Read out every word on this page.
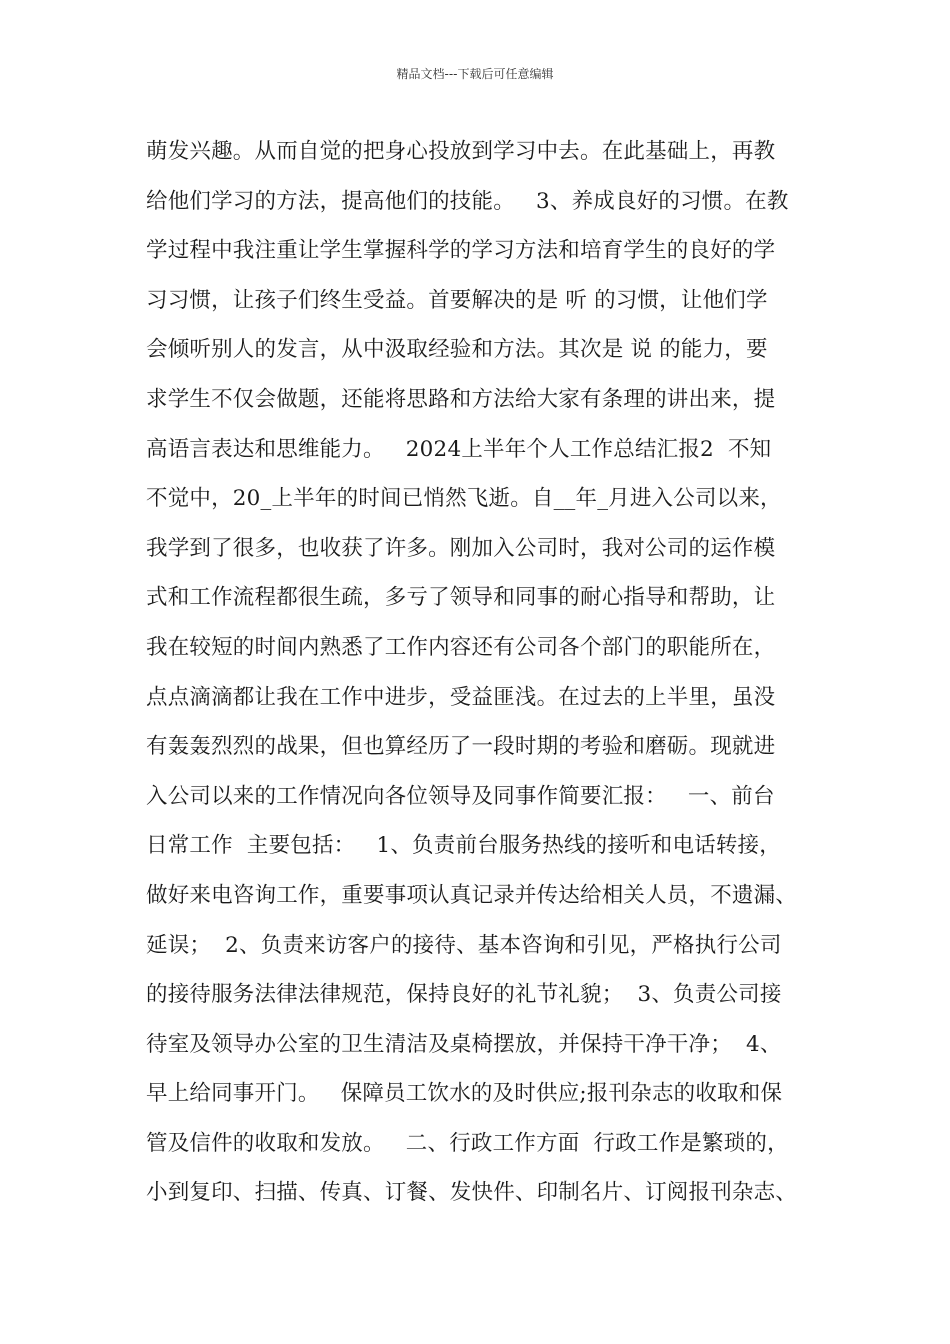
精品文档---下载后可任意编辑
萌发兴趣。从而自觉的把身心投放到学习中去。在此基础上，再教
给他们学习的方法，提高他们的技能。   3、养成良好的习惯。在教
学过程中我注重让学生掌握科学的学习方法和培育学生的良好的学
习习惯，让孩子们终生受益。首要解决的是 听 的习惯，让他们学
会倾听别人的发言，从中汲取经验和方法。其次是 说 的能力，要
求学生不仅会做题，还能将思路和方法给大家有条理的讲出来，提
高语言表达和思维能力。   2024上半年个人工作总结汇报2  不知
不觉中，20_上半年的时间已悄然飞逝。自__年_月进入公司以来，
我学到了很多，也收获了许多。刚加入公司时，我对公司的运作模
式和工作流程都很生疏，多亏了领导和同事的耐心指导和帮助，让
我在较短的时间内熟悉了工作内容还有公司各个部门的职能所在，
点点滴滴都让我在工作中进步，受益匪浅。在过去的上半里，虽没
有轰轰烈烈的战果，但也算经历了一段时期的考验和磨砺。现就进
入公司以来的工作情况向各位领导及同事作简要汇报：   一、前台
日常工作  主要包括：   1、负责前台服务热线的接听和电话转接，
做好来电咨询工作，重要事项认真记录并传达给相关人员，不遗漏、
延误；  2、负责来访客户的接待、基本咨询和引见，严格执行公司
的接待服务法律法律规范，保持良好的礼节礼貌；  3、负责公司接
待室及领导办公室的卫生清洁及桌椅摆放，并保持干净干净；  4、
早上给同事开门。   保障员工饮水的及时供应;报刊杂志的收取和保
管及信件的收取和发放。   二、行政工作方面  行政工作是繁琐的，
小到复印、扫描、传真、订餐、发快件、印制名片、订阅报刊杂志、
